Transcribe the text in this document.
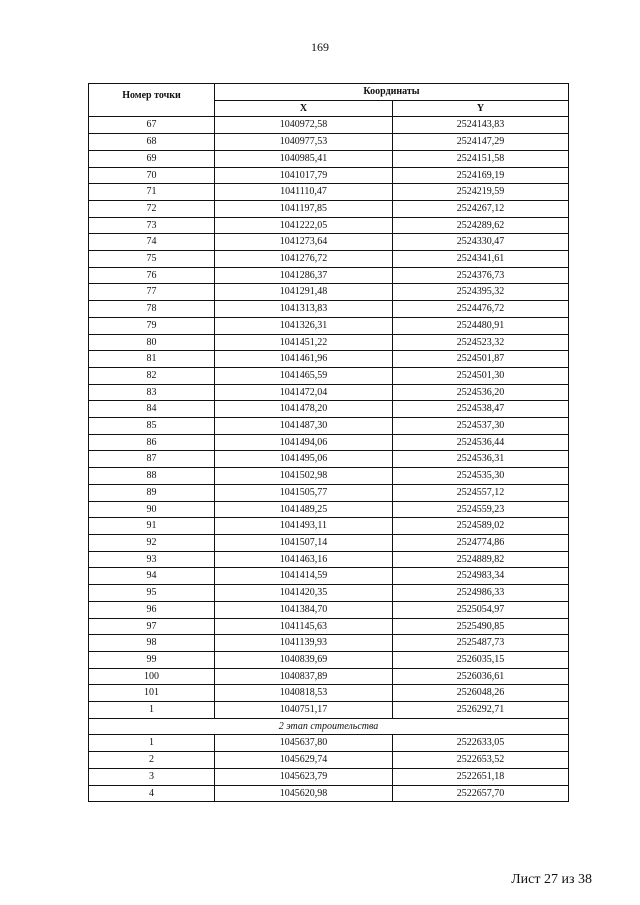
169
Номер точки	Координаты	
	X	Y
67	1040972,58	2524143,83
68	1040977,53	2524147,29
69	1040985,41	2524151,58
70	1041017,79	2524169,19
71	1041110,47	2524219,59
72	1041197,85	2524267,12
73	1041222,05	2524289,62
74	1041273,64	2524330,47
75	1041276,72	2524341,61
76	1041286,37	2524376,73
77	1041291,48	2524395,32
78	1041313,83	2524476,72
79	1041326,31	2524480,91
80	1041451,22	2524523,32
81	1041461,96	2524501,87
82	1041465,59	2524501,30
83	1041472,04	2524536,20
84	1041478,20	2524538,47
85	1041487,30	2524537,30
86	1041494,06	2524536,44
87	1041495,06	2524536,31
88	1041502,98	2524535,30
89	1041505,77	2524557,12
90	1041489,25	2524559,23
91	1041493,11	2524589,02
92	1041507,14	2524774,86
93	1041463,16	2524889,82
94	1041414,59	2524983,34
95	1041420,35	2524986,33
96	1041384,70	2525054,97
97	1041145,63	2525490,85
98	1041139,93	2525487,73
99	1040839,69	2526035,15
100	1040837,89	2526036,61
101	1040818,53	2526048,26
1	1040751,17	2526292,71
2 этап строительства		
1	1045637,80	2522633,05
2	1045629,74	2522653,52
3	1045623,79	2522651,18
4	1045620,98	2522657,70
Лист 27 из 38
